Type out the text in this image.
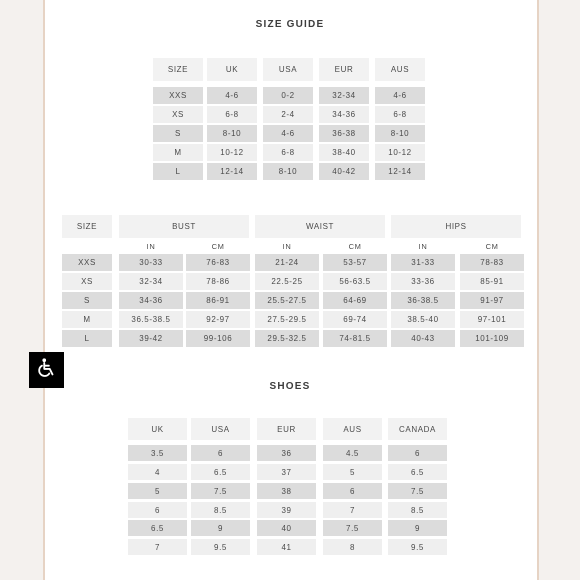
SIZE GUIDE
SIZE	UK	USA	EUR	AUS
XXS	4-6	0-2	32-34	4-6
XS	6-8	2-4	34-36	6-8
S	8-10	4-6	36-38	8-10
M	10-12	6-8	38-40	10-12
L	12-14	8-10	40-42	12-14
SIZE	BUST	WAIST	HIPS
IN	CM	IN	CM	IN	CM
XXS	30-33	76-83	21-24	53-57	31-33	78-83
XS	32-34	78-86	22.5-25	56-63.5	33-36	85-91
S	34-36	86-91	25.5-27.5	64-69	36-38.5	91-97
M	36.5-38.5	92-97	27.5-29.5	69-74	38.5-40	97-101
L	39-42	99-106	29.5-32.5	74-81.5	40-43	101-109
SHOES
UK	USA	EUR	AUS	CANADA
3.5	6	36	4.5	6
4	6.5	37	5	6.5
5	7.5	38	6	7.5
6	8.5	39	7	8.5
6.5	9	40	7.5	9
7	9.5	41	8	9.5
